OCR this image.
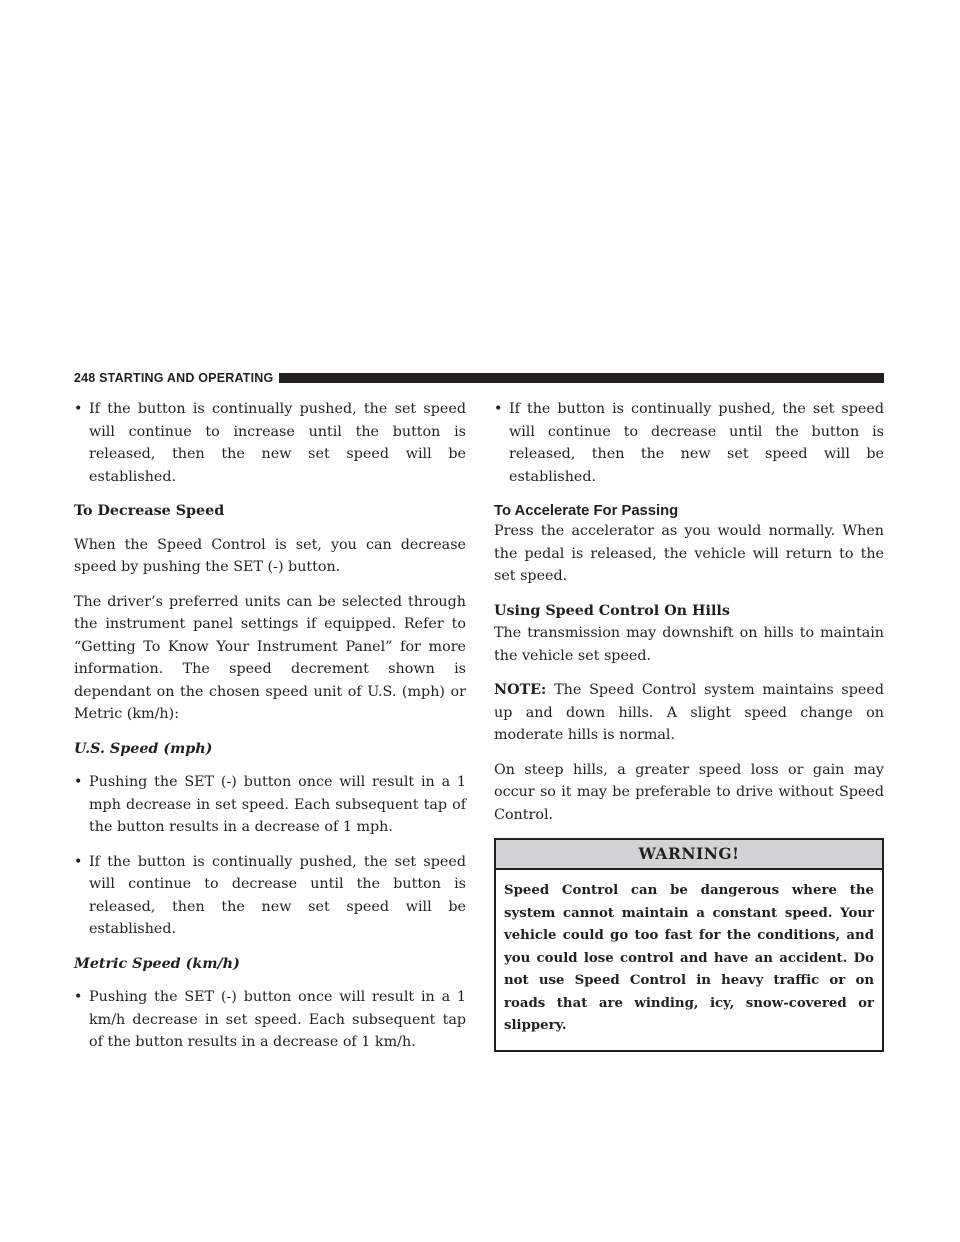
248 STARTING AND OPERATING
• If the button is continually pushed, the set speed will continue to increase until the button is released, then the new set speed will be established.
To Decrease Speed

When the Speed Control is set, you can decrease speed by pushing the SET (-) button.

The driver’s preferred units can be selected through the instrument panel settings if equipped. Refer to “Getting To Know Your Instrument Panel” for more information. The speed decrement shown is dependant on the chosen speed unit of U.S. (mph) or Metric (km/h):

U.S. Speed (mph)
• Pushing the SET (-) button once will result in a 1 mph decrease in set speed. Each subsequent tap of the button results in a decrease of 1 mph.
• If the button is continually pushed, the set speed will continue to decrease until the button is released, then the new set speed will be established.
Metric Speed (km/h)
• Pushing the SET (-) button once will result in a 1 km/h decrease in set speed. Each subsequent tap of the button results in a decrease of 1 km/h.
• If the button is continually pushed, the set speed will continue to decrease until the button is released, then the new set speed will be established.
To Accelerate For Passing

Press the accelerator as you would normally. When the pedal is released, the vehicle will return to the set speed.

Using Speed Control On Hills

The transmission may downshift on hills to maintain the vehicle set speed.

NOTE: The Speed Control system maintains speed up and down hills. A slight speed change on moderate hills is normal.

On steep hills, a greater speed loss or gain may occur so it may be preferable to drive without Speed Control.

WARNING!
Speed Control can be dangerous where the system cannot maintain a constant speed. Your vehicle could go too fast for the conditions, and you could lose control and have an accident. Do not use Speed Control in heavy traffic or on roads that are winding, icy, snow-covered or slippery.
